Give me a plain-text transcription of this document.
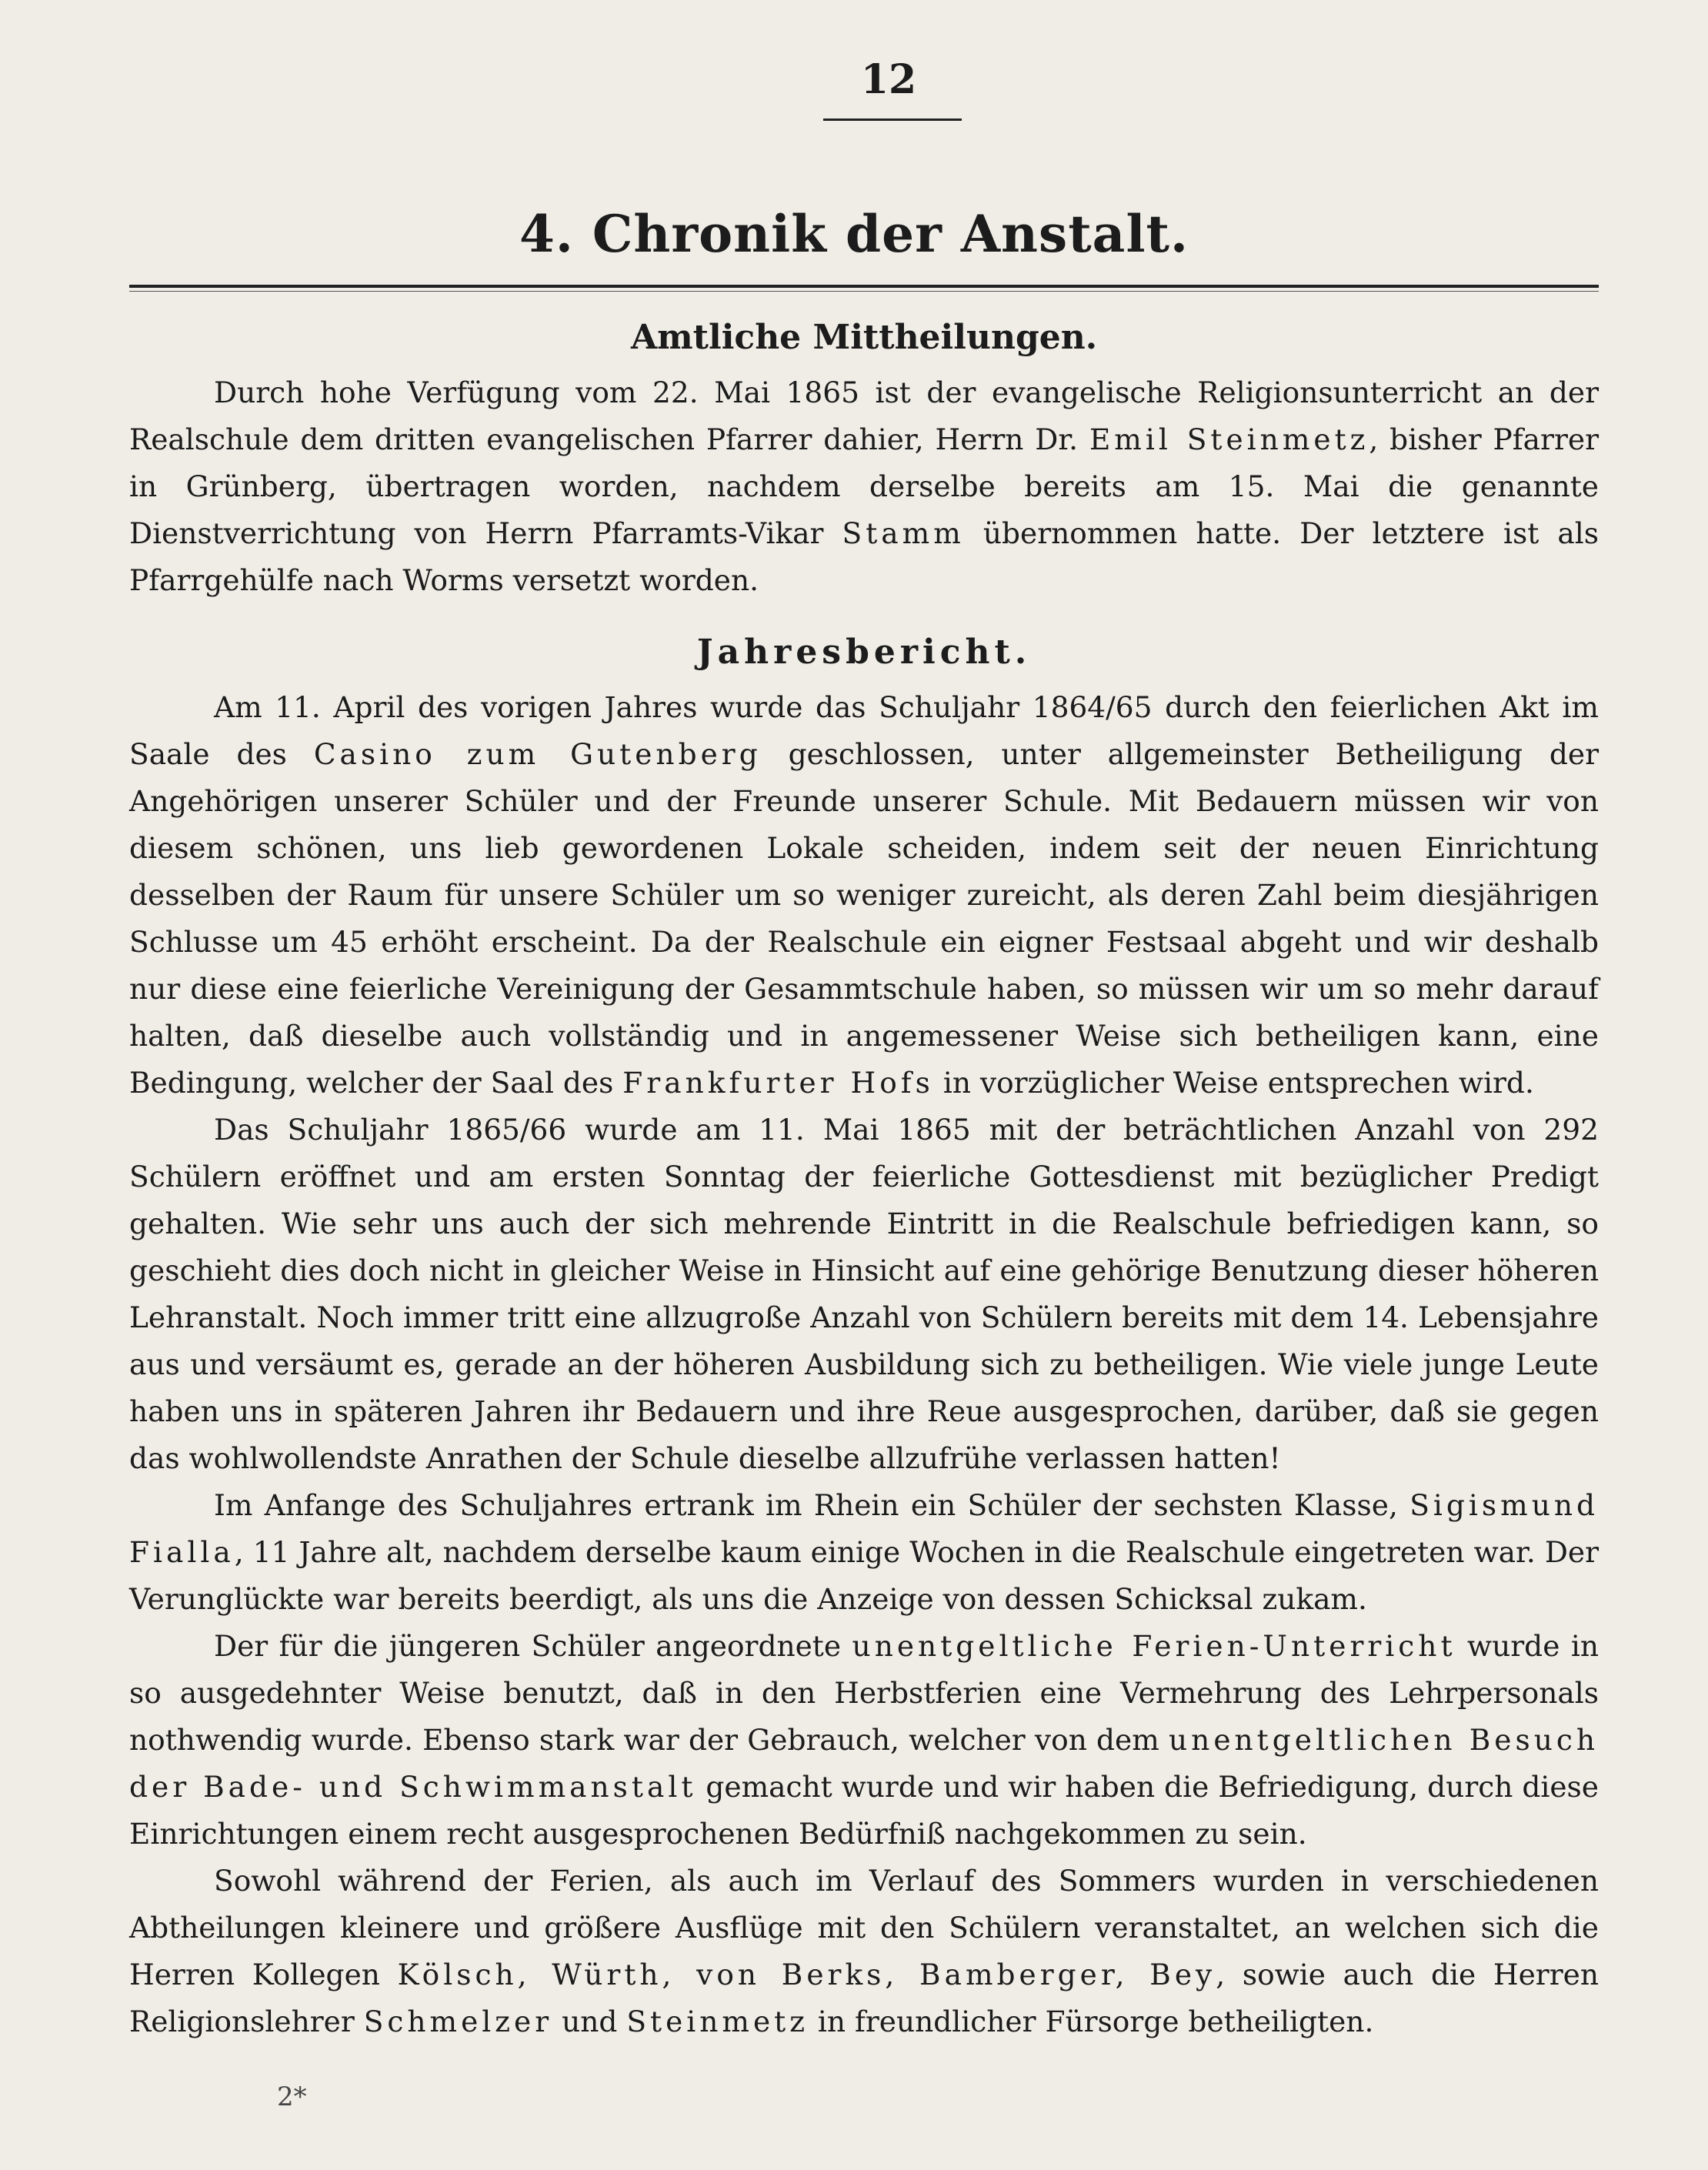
12
4. Chronik der Anstalt.
Amtliche Mittheilungen.

Durch hohe Verfügung vom 22. Mai 1865 ist der evangelische Religionsunterricht an der Realschule dem dritten evangelischen Pfarrer dahier, Herrn Dr. Emil Steinmetz, bisher Pfarrer in Grünberg, übertragen worden, nachdem derselbe bereits am 15. Mai die genannte Dienstverrichtung von Herrn Pfarramts-Vikar Stamm übernommen hatte. Der letztere ist als Pfarrgehülfe nach Worms versetzt worden.

Jahresbericht.

Am 11. April des vorigen Jahres wurde das Schuljahr 1864/65 durch den feierlichen Akt im Saale des Casino zum Gutenberg geschlossen, unter allgemeinster Betheiligung der Angehörigen unserer Schüler und der Freunde unserer Schule. Mit Bedauern müssen wir von diesem schönen, uns lieb gewordenen Lokale scheiden, indem seit der neuen Einrichtung desselben der Raum für unsere Schüler um so weniger zureicht, als deren Zahl beim diesjährigen Schlusse um 45 erhöht erscheint. Da der Realschule ein eigner Festsaal abgeht und wir deshalb nur diese eine feierliche Vereinigung der Gesammtschule haben, so müssen wir um so mehr darauf halten, daß dieselbe auch vollständig und in angemessener Weise sich betheiligen kann, eine Bedingung, welcher der Saal des Frankfurter Hofs in vorzüglicher Weise entsprechen wird.

Das Schuljahr 1865/66 wurde am 11. Mai 1865 mit der beträchtlichen Anzahl von 292 Schülern eröffnet und am ersten Sonntag der feierliche Gottesdienst mit bezüglicher Predigt gehalten. Wie sehr uns auch der sich mehrende Eintritt in die Realschule befriedigen kann, so geschieht dies doch nicht in gleicher Weise in Hinsicht auf eine gehörige Benutzung dieser höheren Lehranstalt. Noch immer tritt eine allzugroße Anzahl von Schülern bereits mit dem 14. Lebensjahre aus und versäumt es, gerade an der höheren Ausbildung sich zu betheiligen. Wie viele junge Leute haben uns in späteren Jahren ihr Bedauern und ihre Reue ausgesprochen, darüber, daß sie gegen das wohlwollendste Anrathen der Schule dieselbe allzufrühe verlassen hatten!

Im Anfange des Schuljahres ertrank im Rhein ein Schüler der sechsten Klasse, Sigismund Fialla, 11 Jahre alt, nachdem derselbe kaum einige Wochen in die Realschule eingetreten war. Der Verunglückte war bereits beerdigt, als uns die Anzeige von dessen Schicksal zukam.

Der für die jüngeren Schüler angeordnete unentgeltliche Ferien-Unterricht wurde in so ausgedehnter Weise benutzt, daß in den Herbstferien eine Vermehrung des Lehrpersonals nothwendig wurde. Ebenso stark war der Gebrauch, welcher von dem unentgeltlichen Besuch der Bade- und Schwimmanstalt gemacht wurde und wir haben die Befriedigung, durch diese Einrichtungen einem recht ausgesprochenen Bedürfniß nachgekommen zu sein.

Sowohl während der Ferien, als auch im Verlauf des Sommers wurden in verschiedenen Abtheilungen kleinere und größere Ausflüge mit den Schülern veranstaltet, an welchen sich die Herren Kollegen Kölsch, Würth, von Berks, Bamberger, Bey, sowie auch die Herren Religionslehrer Schmelzer und Steinmetz in freundlicher Fürsorge betheiligten.

2*
